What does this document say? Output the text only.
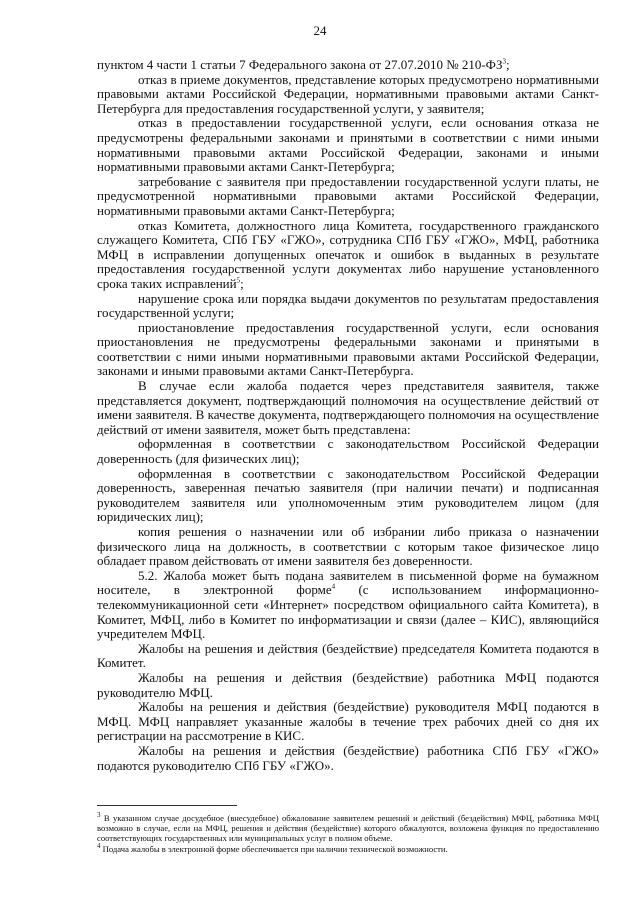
24

пунктом 4 части 1 статьи 7 Федерального закона от 27.07.2010 № $210-ФЗ^3$;

отказ в приеме документов, представление которых предусмотрено нормативными правовыми актами Российской Федерации, нормативными правовыми актами Санкт-Петербурга для предоставления государственной услуги, у заявителя;

отказ в предоставлении государственной услуги, если основания отказа не предусмотрены федеральными законами и принятыми в соответствии с ними иными нормативными правовыми актами Российской Федерации, законами и иными нормативными правовыми актами Санкт-Петербурга;

затребование с заявителя при предоставлении государственной услуги платы, не предусмотренной нормативными правовыми актами Российской Федерации, нормативными правовыми актами Санкт-Петербурга;

отказ Комитета, должностного лица Комитета, государственного гражданского служащего Комитета, СПб ГБУ «ГЖО», сотрудника СПб ГБУ «ГЖО», МФЦ, работника МФЦ в исправлении допущенных опечаток и ошибок в выданных в результате предоставления государственной услуги документах либо нарушение установленного срока таких исправлений$^5$;

нарушение срока или порядка выдачи документов по результатам предоставления государственной услуги;

приостановление предоставления государственной услуги, если основания приостановления не предусмотрены федеральными законами и принятыми в соответствии с ними иными нормативными правовыми актами Российской Федерации, законами и иными правовыми актами Санкт-Петербурга.

В случае если жалоба подается через представителя заявителя, также представляется документ, подтверждающий полномочия на осуществление действий от имени заявителя. В качестве документа, подтверждающего полномочия на осуществление действий от имени заявителя, может быть представлена:

оформленная в соответствии с законодательством Российской Федерации доверенность (для физических лиц);

оформленная в соответствии с законодательством Российской Федерации доверенность, заверенная печатью заявителя (при наличии печати) и подписанная руководителем заявителя или уполномоченным этим руководителем лицом (для юридических лиц);

копия решения о назначении или об избрании либо приказа о назначении физического лица на должность, в соответствии с которым такое физическое лицо обладает правом действовать от имени заявителя без доверенности.

5.2. Жалоба может быть подана заявителем в письменной форме на бумажном носителе, в электронной форме$^4$ (с использованием информационно-телекоммуникационной сети «Интернет» посредством официального сайта Комитета), в Комитет, МФЦ, либо в Комитет по информатизации и связи (далее – КИС), являющийся учредителем МФЦ.

Жалобы на решения и действия (бездействие) председателя Комитета подаются в Комитет.

Жалобы на решения и действия (бездействие) работника МФЦ подаются руководителю МФЦ.

Жалобы на решения и действия (бездействие) руководителя МФЦ подаются в МФЦ. МФЦ направляет указанные жалобы в течение трех рабочих дней со дня их регистрации на рассмотрение в КИС.

Жалобы на решения и действия (бездействие) работника СПб ГБУ «ГЖО» подаются руководителю СПб ГБУ «ГЖО».

$^3$ В указанном случае досудебное (внесудебное) обжалование заявителем решений и действий (бездействия) МФЦ, работника МФЦ возможно в случае, если на МФЦ, решения и действия (бездействие) которого обжалуются, возложена функция по предоставлению соответствующих государственных или муниципальных услуг в полном объеме.

$^4$ Подача жалобы в электронной форме обеспечивается при наличии технической возможности.
